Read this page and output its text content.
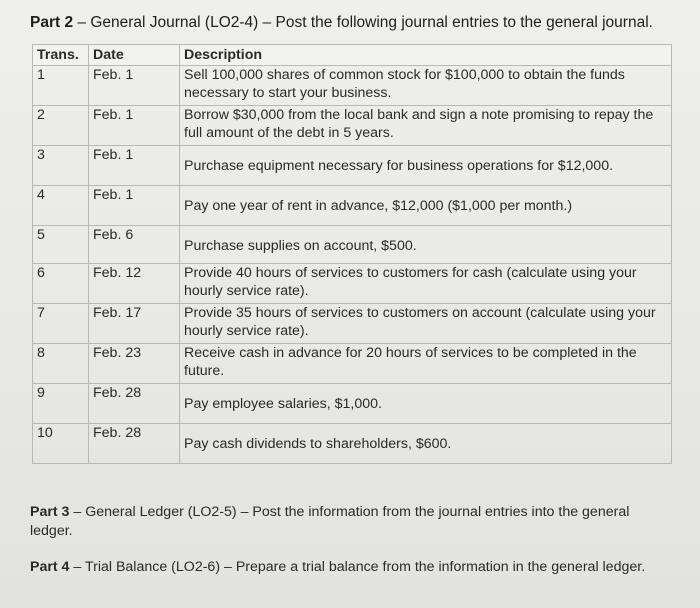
Part 2 – General Journal (LO2-4) – Post the following journal entries to the general journal.
Trans.	Date	Description
1	Feb. 1	Sell 100,000 shares of common stock for $100,000 to obtain the funds necessary to start your business.
2	Feb. 1	Borrow $30,000 from the local bank and sign a note promising to repay the full amount of the debt in 5 years.
3	Feb. 1	Purchase equipment necessary for business operations for $12,000.
4	Feb. 1	Pay one year of rent in advance, $12,000 ($1,000 per month.)
5	Feb. 6	Purchase supplies on account, $500.
6	Feb. 12	Provide 40 hours of services to customers for cash (calculate using your hourly service rate).
7	Feb. 17	Provide 35 hours of services to customers on account (calculate using your hourly service rate).
8	Feb. 23	Receive cash in advance for 20 hours of services to be completed in the future.
9	Feb. 28	Pay employee salaries, $1,000.
10	Feb. 28	Pay cash dividends to shareholders, $600.
Part 3 – General Ledger (LO2-5) – Post the information from the journal entries into the general ledger.
Part 4 – Trial Balance (LO2-6) – Prepare a trial balance from the information in the general ledger.
